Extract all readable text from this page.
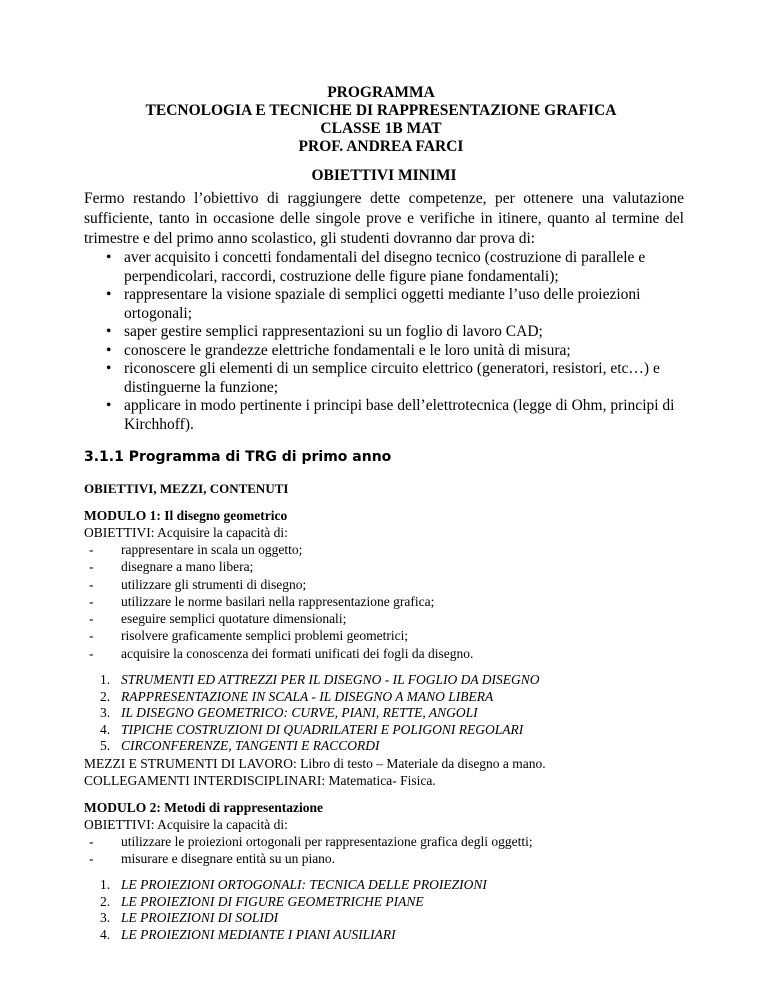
PROGRAMMA
TECNOLOGIA E TECNICHE DI RAPPRESENTAZIONE GRAFICA
CLASSE 1B MAT
PROF. ANDREA FARCI
OBIETTIVI MINIMI
Fermo restando l’obiettivo di raggiungere dette competenze, per ottenere una valutazione sufficiente, tanto in occasione delle singole prove e verifiche in itinere, quanto al termine del trimestre e del primo anno scolastico, gli studenti dovranno dar prova di:
• aver acquisito i concetti fondamentali del disegno tecnico (costruzione di parallele e perpendicolari, raccordi, costruzione delle figure piane fondamentali);
• rappresentare la visione spaziale di semplici oggetti mediante l’uso delle proiezioni ortogonali;
• saper gestire semplici rappresentazioni su un foglio di lavoro CAD;
• conoscere le grandezze elettriche fondamentali e le loro unità di misura;
• riconoscere gli elementi di un semplice circuito elettrico (generatori, resistori, etc…) e distinguerne la funzione;
• applicare in modo pertinente i principi base dell’elettrotecnica (legge di Ohm, principi di Kirchhoff).
3.1.1 Programma di TRG di primo anno
OBIETTIVI, MEZZI, CONTENUTI
MODULO 1: Il disegno geometrico
OBIETTIVI: Acquisire la capacità di:
- rappresentare in scala un oggetto;
- disegnare a mano libera;
- utilizzare gli strumenti di disegno;
- utilizzare le norme basilari nella rappresentazione grafica;
- eseguire semplici quotature dimensionali;
- risolvere graficamente semplici problemi geometrici;
- acquisire la conoscenza dei formati unificati dei fogli da disegno.
1. STRUMENTI ED ATTREZZI PER IL DISEGNO - IL FOGLIO DA DISEGNO
2. RAPPRESENTAZIONE IN SCALA - IL DISEGNO A MANO LIBERA
3. IL DISEGNO GEOMETRICO: CURVE, PIANI, RETTE, ANGOLI
4. TIPICHE COSTRUZIONI DI QUADRILATERI E POLIGONI REGOLARI
5. CIRCONFERENZE, TANGENTI E RACCORDI
MEZZI E STRUMENTI DI LAVORO: Libro di testo – Materiale da disegno a mano.
COLLEGAMENTI INTERDISCIPLINARI: Matematica- Fisica.
MODULO 2: Metodi di rappresentazione
OBIETTIVI: Acquisire la capacità di:
- utilizzare le proiezioni ortogonali per rappresentazione grafica degli oggetti;
- misurare e disegnare entità su un piano.
1. LE PROIEZIONI ORTOGONALI: TECNICA DELLE PROIEZIONI
2. LE PROIEZIONI DI FIGURE GEOMETRICHE PIANE
3. LE PROIEZIONI DI SOLIDI
4. LE PROIEZIONI MEDIANTE I PIANI AUSILIARI
